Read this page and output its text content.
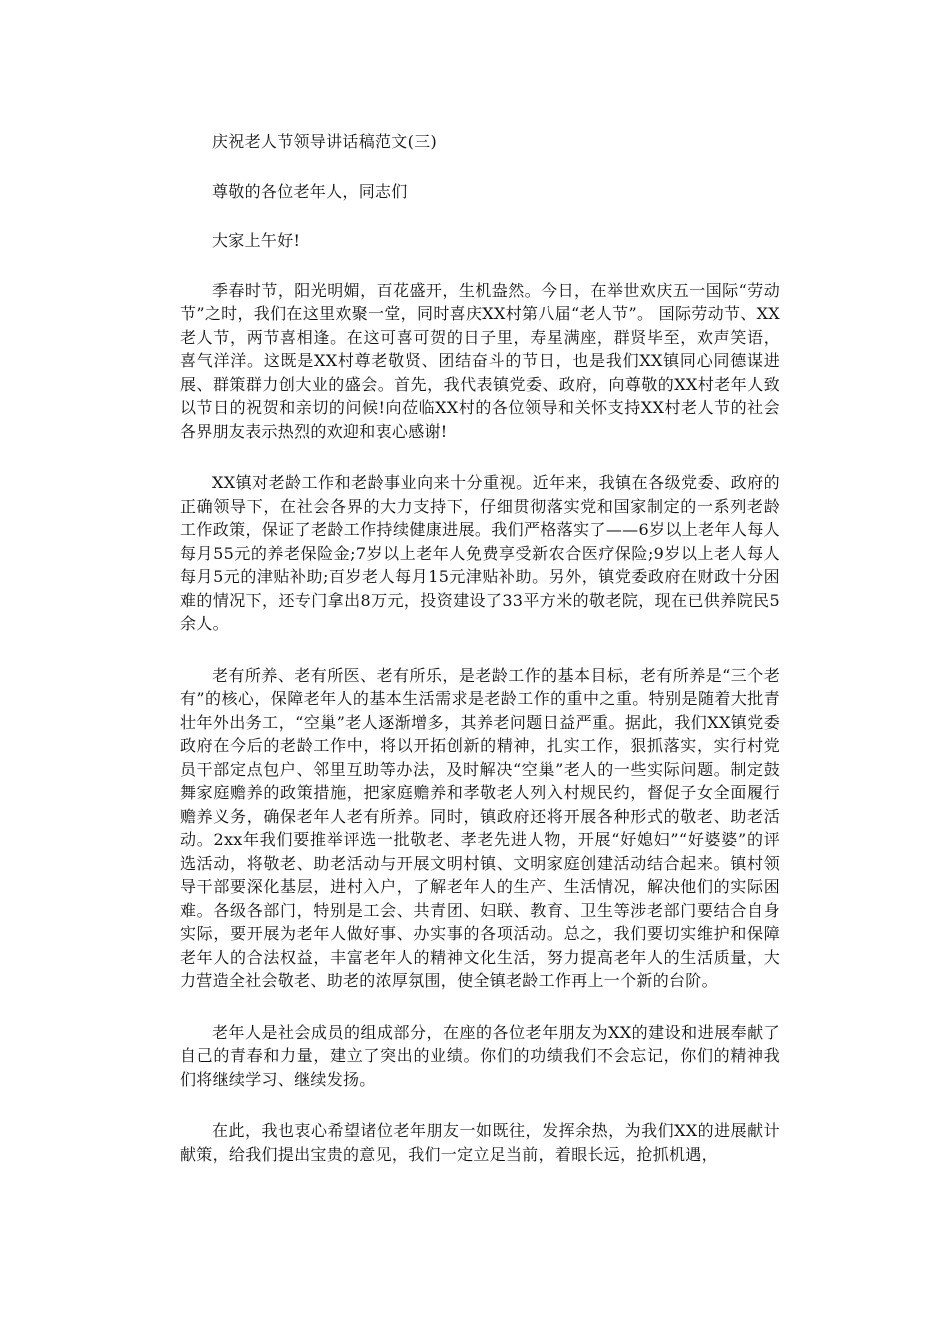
庆祝老人节领导讲话稿范文(三)

尊敬的各位老年人，同志们

大家上午好!

季春时节，阳光明媚，百花盛开，生机盎然。今日，在举世欢庆五一国际“劳动节”之时，我们在这里欢聚一堂，同时喜庆XX村第八届“老人节”。 国际劳动节、XX老人节，两节喜相逢。在这可喜可贺的日子里，寿星满座，群贤毕至，欢声笑语，喜气洋洋。这既是XX村尊老敬贤、团结奋斗的节日，也是我们XX镇同心同德谋进展、群策群力创大业的盛会。首先，我代表镇党委、政府，向尊敬的XX村老年人致以节日的祝贺和亲切的问候!向莅临XX村的各位领导和关怀支持XX村老人节的社会各界朋友表示热烈的欢迎和衷心感谢!

XX镇对老龄工作和老龄事业向来十分重视。近年来，我镇在各级党委、政府的正确领导下，在社会各界的大力支持下，仔细贯彻落实党和国家制定的一系列老龄工作政策，保证了老龄工作持续健康进展。我们严格落实了——6岁以上老年人每人每月55元的养老保险金;7岁以上老年人免费享受新农合医疗保险;9岁以上老人每人每月5元的津贴补助;百岁老人每月15元津贴补助。另外，镇党委政府在财政十分困难的情况下，还专门拿出8万元，投资建设了33平方米的敬老院，现在已供养院民5余人。

老有所养、老有所医、老有所乐，是老龄工作的基本目标，老有所养是“三个老有”的核心，保障老年人的基本生活需求是老龄工作的重中之重。特别是随着大批青壮年外出务工，“空巢”老人逐渐增多，其养老问题日益严重。据此，我们XX镇党委政府在今后的老龄工作中，将以开拓创新的精神，扎实工作，狠抓落实，实行村党员干部定点包户、邻里互助等办法，及时解决“空巢”老人的一些实际问题。制定鼓舞家庭赡养的政策措施，把家庭赡养和孝敬老人列入村规民约，督促子女全面履行赡养义务，确保老年人老有所养。同时，镇政府还将开展各种形式的敬老、助老活动。2xx年我们要推举评选一批敬老、孝老先进人物，开展“好媳妇”“好婆婆”的评选活动，将敬老、助老活动与开展文明村镇、文明家庭创建活动结合起来。镇村领导干部要深化基层，进村入户，了解老年人的生产、生活情况，解决他们的实际困难。各级各部门，特别是工会、共青团、妇联、教育、卫生等涉老部门要结合自身实际，要开展为老年人做好事、办实事的各项活动。总之，我们要切实维护和保障老年人的合法权益，丰富老年人的精神文化生活，努力提高老年人的生活质量，大力营造全社会敬老、助老的浓厚氛围，使全镇老龄工作再上一个新的台阶。

老年人是社会成员的组成部分，在座的各位老年朋友为XX的建设和进展奉献了自己的青春和力量，建立了突出的业绩。你们的功绩我们不会忘记，你们的精神我们将继续学习、继续发扬。

在此，我也衷心希望诸位老年朋友一如既往，发挥余热，为我们XX的进展献计献策，给我们提出宝贵的意见，我们一定立足当前，着眼长远，抢抓机遇，
